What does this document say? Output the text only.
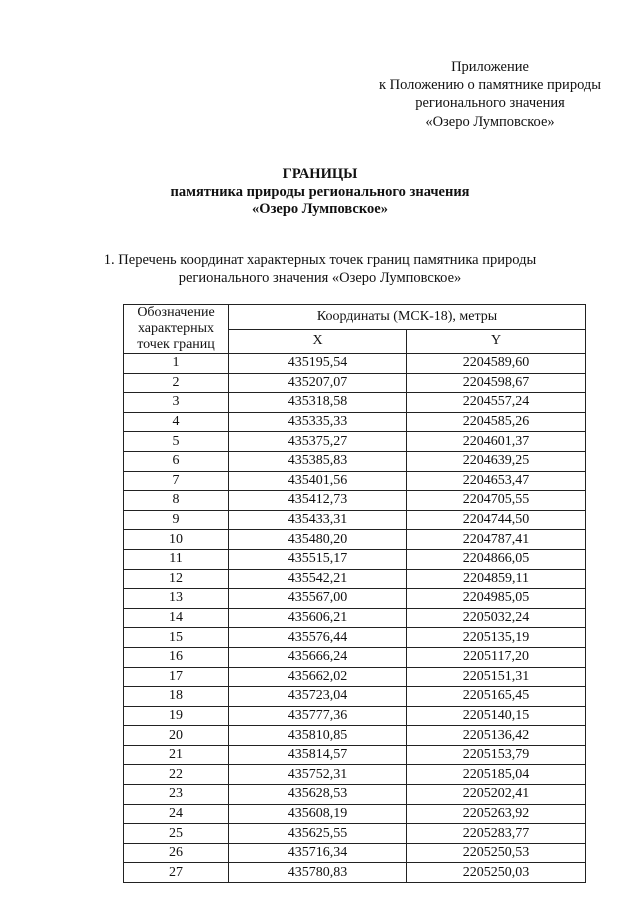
Приложение
к Положению о памятнике природы
регионального значения
«Озеро Лумповское»
ГРАНИЦЫ
памятника природы регионального значения
«Озеро Лумповское»
1. Перечень координат характерных точек границ памятника природы
регионального значения «Озеро Лумповское»
Обозначение
характерных
точек границ	Координаты (МСК-18), метры	
	X	Y
1	435195,54	2204589,60
2	435207,07	2204598,67
3	435318,58	2204557,24
4	435335,33	2204585,26
5	435375,27	2204601,37
6	435385,83	2204639,25
7	435401,56	2204653,47
8	435412,73	2204705,55
9	435433,31	2204744,50
10	435480,20	2204787,41
11	435515,17	2204866,05
12	435542,21	2204859,11
13	435567,00	2204985,05
14	435606,21	2205032,24
15	435576,44	2205135,19
16	435666,24	2205117,20
17	435662,02	2205151,31
18	435723,04	2205165,45
19	435777,36	2205140,15
20	435810,85	2205136,42
21	435814,57	2205153,79
22	435752,31	2205185,04
23	435628,53	2205202,41
24	435608,19	2205263,92
25	435625,55	2205283,77
26	435716,34	2205250,53
27	435780,83	2205250,03
